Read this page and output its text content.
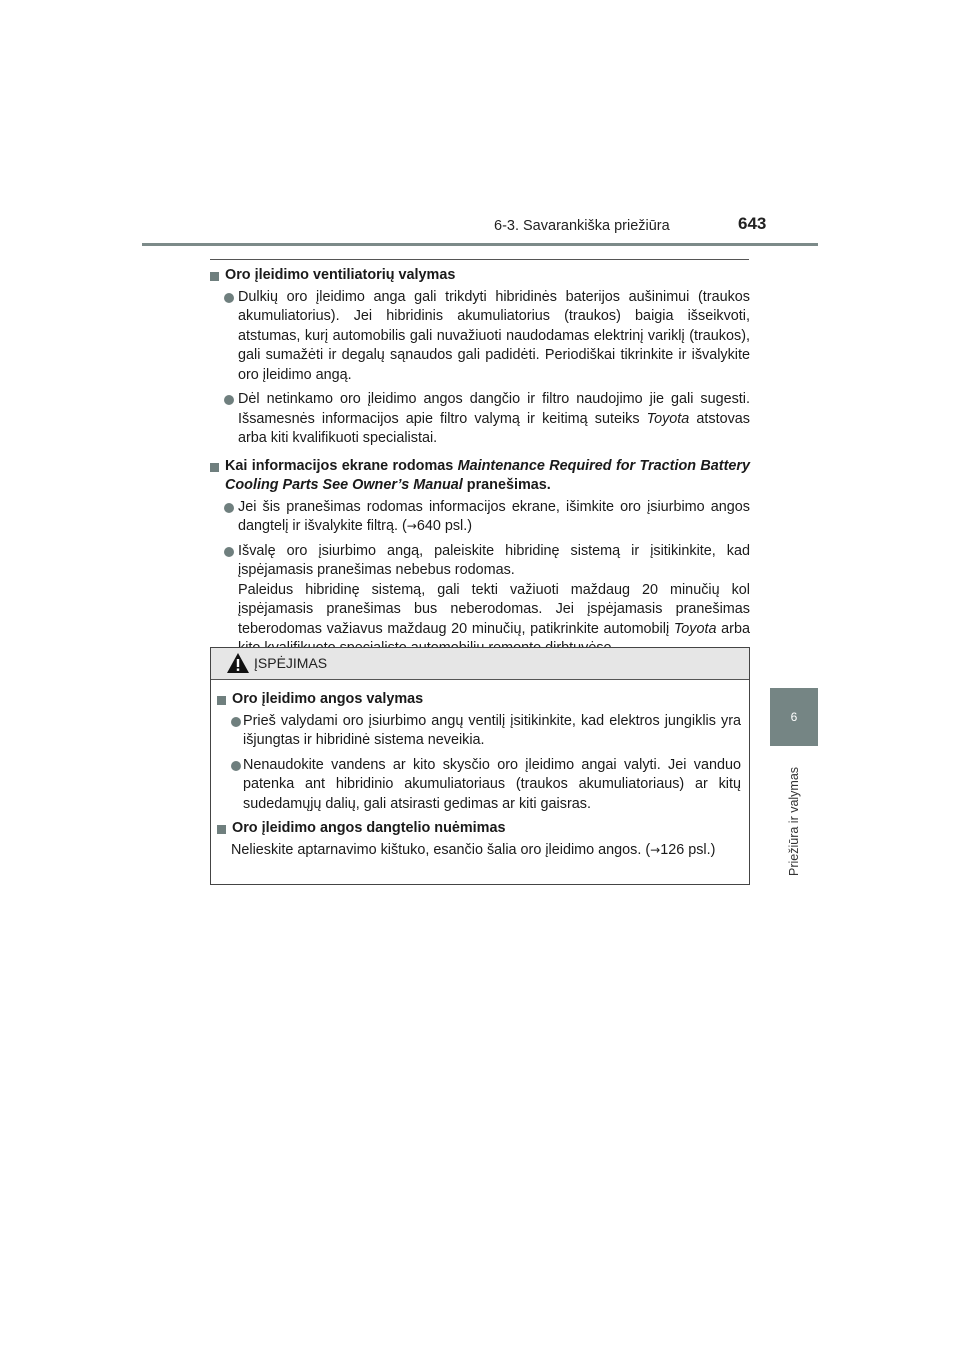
6-3. Savarankiška priežiūra	643
6
Priežiūra ir valymas

Oro įleidimo ventiliatorių valymas

Dulkių oro įleidimo anga gali trikdyti hibridinės baterijos aušinimui (traukos akumuliatorius). Jei hibridinis akumuliatorius (traukos) baigia išseikvoti, atstumas, kurį automobilis gali nuvažiuoti naudodamas elektrinį variklį (traukos), gali sumažėti ir degalų sąnaudos gali padidėti. Periodiškai tikrinkite ir išvalykite oro įleidimo angą.

Dėl netinkamo oro įleidimo angos dangčio ir filtro naudojimo jie gali sugesti. Išsamesnės informacijos apie filtro valymą ir keitimą suteiks Toyota atstovas arba kiti kvalifikuoti specialistai.

Kai informacijos ekrane rodomas Maintenance Required for Traction Battery Cooling Parts See Owner’s Manual pranešimas.

Jei šis pranešimas rodomas informacijos ekrane, išimkite oro įsiurbimo angos dangtelį ir išvalykite filtrą. (→640 psl.)

Išvalę oro įsiurbimo angą, paleiskite hibridinę sistemą ir įsitikinkite, kad įspėjamasis pranešimas nebebus rodomas.
Paleidus hibridinę sistemą, gali tekti važiuoti maždaug 20 minučių kol įspėjamasis pranešimas bus neberodomas. Jei įspėjamasis pranešimas teberodomas važiavus maždaug 20 minučių, patikrinkite automobilį Toyota arba

ĮSPĖJIMAS

Oro įleidimo angos valymas

Prieš valydami oro įsiurbimo angų ventilį įsitikinkite, kad elektros jungiklis yra išjungtas ir hibridinė sistema neveikia.

Nenaudokite vandens ar kito skysčio oro įleidimo angai valyti. Jei vanduo patenka ant hibridinio akumuliatoriaus (traukos akumuliatoriaus) ar kitų sudedamųjų dalių, gali atsirasti gedimas ar kiti gaisras.

Oro įleidimo angos dangtelio nuėmimas

Nelieskite aptarnavimo kištuko, esančio šalia oro įleidimo angos. (→126 psl.)
